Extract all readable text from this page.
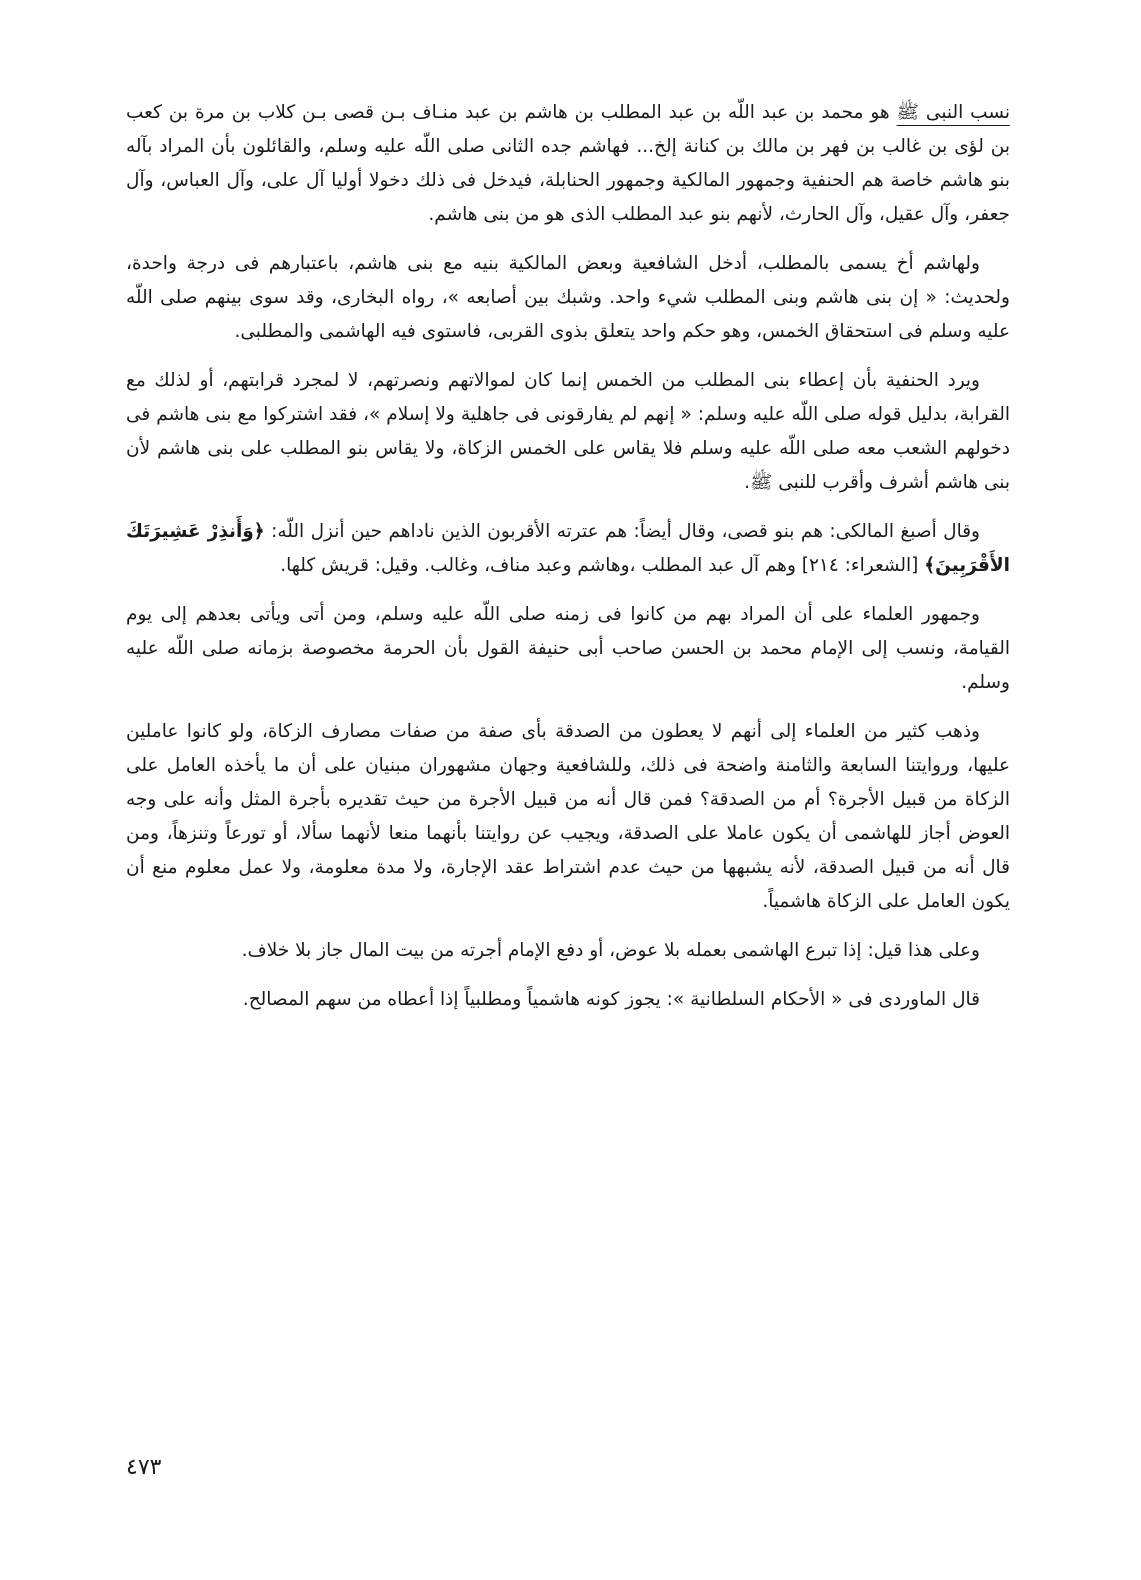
نسب النبى ﷺ هو محمد بن عبد اللّه بن عبد المطلب بن هاشم بن عبد منـاف بـن قصى بـن كلاب بن مرة بن كعب بن لؤى بن غالب بن فهر بن مالك بن كنانة إلخ... فهاشم جده الثانى صلى اللّه عليه وسلم، والقائلون بأن المراد بآله بنو هاشم خاصة هم الحنفية وجمهور المالكية وجمهور الحنابلة، فيدخل فى ذلك دخولا أوليا آل على، وآل العباس، وآل جعفر، وآل عقيل، وآل الحارث، لأنهم بنو عبد المطلب الذى هو من بنى هاشم.

ولهاشم أخ يسمى بالمطلب، أدخل الشافعية وبعض المالكية بنيه مع بنى هاشم، باعتبارهم فى درجة واحدة، ولحديث: « إن بنى هاشم وبنى المطلب شيء واحد. وشبك بين أصابعه »، رواه البخارى، وقد سوى بينهم صلى اللّه عليه وسلم فى استحقاق الخمس، وهو حكم واحد يتعلق بذوى القربى، فاستوى فيه الهاشمى والمطلبى.

ويرد الحنفية بأن إعطاء بنى المطلب من الخمس إنما كان لموالاتهم ونصرتهم، لا لمجرد قرابتهم، أو لذلك مع القرابة، بدليل قوله صلى اللّه عليه وسلم: « إنهم لم يفارقونى فى جاهلية ولا إسلام »، فقد اشتركوا مع بنى هاشم فى دخولهم الشعب معه صلى اللّه عليه وسلم فلا يقاس على الخمس الزكاة، ولا يقاس بنو المطلب على بنى هاشم لأن بنى هاشم أشرف وأقرب للنبى ﷺ.

وقال أصبغ المالكى: هم بنو قصى، وقال أيضاً: هم عترته الأقربون الذين ناداهم حين أنزل اللّه: ﴿وَأَنذِرْ عَشِيرَتَكَ الأَقْرَبِينَ﴾ [الشعراء: ٢١٤] وهم آل عبد المطلب ،وهاشم وعبد مناف، وغالب. وقيل: قريش كلها.

وجمهور العلماء على أن المراد بهم من كانوا فى زمنه صلى اللّه عليه وسلم، ومن أتى ويأتى بعدهم إلى يوم القيامة، ونسب إلى الإمام محمد بن الحسن صاحب أبى حنيفة القول بأن الحرمة مخصوصة بزمانه صلى اللّه عليه وسلم.

وذهب كثير من العلماء إلى أنهم لا يعطون من الصدقة بأى صفة من صفات مصارف الزكاة، ولو كانوا عاملين عليها، وروايتنا السابعة والثامنة واضحة فى ذلك، وللشافعية وجهان مشهوران مبنيان على أن ما يأخذه العامل على الزكاة من قبيل الأجرة؟ أم من الصدقة؟ فمن قال أنه من قبيل الأجرة من حيث تقديره بأجرة المثل وأنه على وجه العوض أجاز للهاشمى أن يكون عاملا على الصدقة، ويجيب عن روايتنا بأنهما منعا لأنهما سألا، أو تورعاً وتنزهاً، ومن قال أنه من قبيل الصدقة، لأنه يشبهها من حيث عدم اشتراط عقد الإجارة، ولا مدة معلومة، ولا عمل معلوم منع أن يكون العامل على الزكاة هاشمياً.

وعلى هذا قيل: إذا تبرع الهاشمى بعمله بلا عوض، أو دفع الإمام أجرته من بيت المال جاز بلا خلاف.

قال الماوردى فى « الأحكام السلطانية »: يجوز كونه هاشمياً ومطلبياً إذا أعطاه من سهم المصالح.

٤٧٣
